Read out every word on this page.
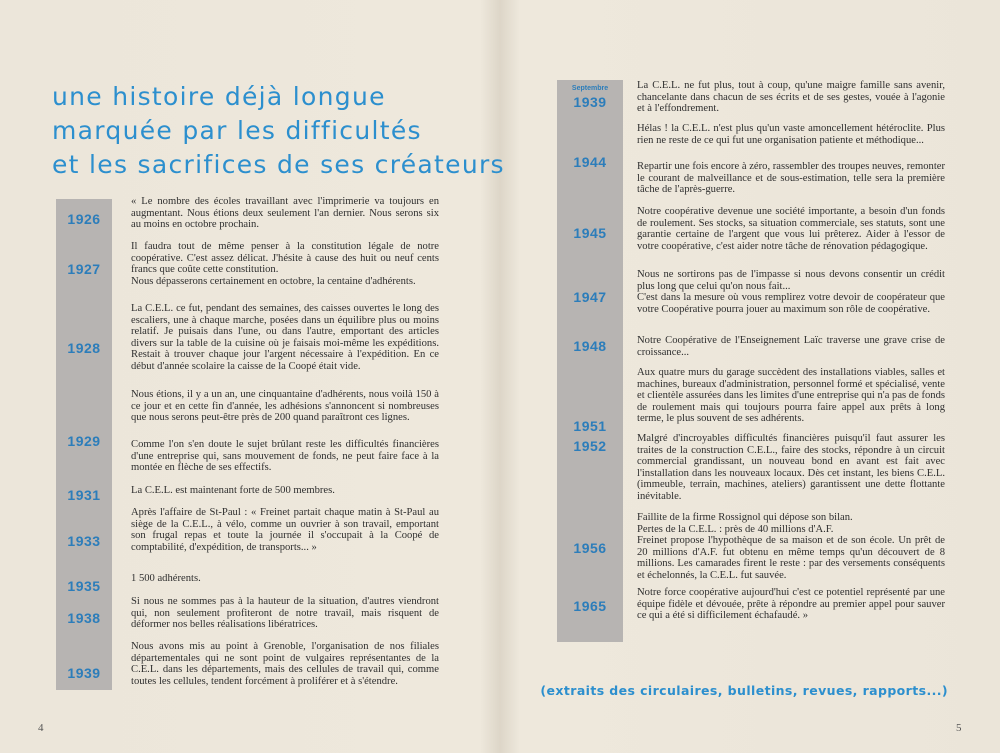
une histoire déjà longue
marquée par les difficultés
et les sacrifices de ses créateurs
1926
1927
1928
1929
1931
1933
1935
1938
1939

« Le nombre des écoles travaillant avec l'imprimerie va toujours en augmentant. Nous étions deux seulement l'an dernier. Nous serons six au moins en octobre prochain.

Il faudra tout de même penser à la constitution légale de notre coopérative. C'est assez délicat. J'hésite à cause des huit ou neuf cents francs que coûte cette constitution.

Nous dépasserons certainement en octobre, la centaine d'adhérents.

La C.E.L. ce fut, pendant des semaines, des caisses ouvertes le long des escaliers, une à chaque marche, posées dans un équilibre plus ou moins relatif. Je puisais dans l'une, ou dans l'autre, emportant des articles divers sur la table de la cuisine où je faisais moi-même les expéditions. Restait à trouver chaque jour l'argent nécessaire à l'expédition. En ce début d'année scolaire la caisse de la Coopé était vide.

Nous étions, il y a un an, une cinquantaine d'adhérents, nous voilà 150 à ce jour et en cette fin d'année, les adhésions s'annoncent si nombreuses que nous serons peut-être près de 200 quand paraîtront ces lignes.

Comme l'on s'en doute le sujet brûlant reste les difficultés financières d'une entreprise qui, sans mouvement de fonds, ne peut faire face à la montée en flèche de ses effectifs.

La C.E.L. est maintenant forte de 500 membres.

Après l'affaire de St-Paul : « Freinet partait chaque matin à St-Paul au siège de la C.E.L., à vélo, comme un ouvrier à son travail, emportant son frugal repas et toute la journée il s'occupait à la Coopé de comptabilité, d'expédition, de transports... »

1 500 adhérents.

Si nous ne sommes pas à la hauteur de la situation, d'autres viendront qui, non seulement profiteront de notre travail, mais risquent de déformer nos belles réalisations libératrices.

Nous avons mis au point à Grenoble, l'organisation de nos filiales départementales qui ne sont point de vulgaires représentantes de la C.E.L. dans les départements, mais des cellules de travail qui, comme toutes les cellules, tendent forcément à proliférer et à s'étendre.

4
Septembre
1939
1944
1945
1947
1948
1951
1952
1956
1965

La C.E.L. ne fut plus, tout à coup, qu'une maigre famille sans avenir, chancelante dans chacun de ses écrits et de ses gestes, vouée à l'agonie et à l'effondrement.

Hélas ! la C.E.L. n'est plus qu'un vaste amoncellement hétéroclite. Plus rien ne reste de ce qui fut une organisation patiente et méthodique...

Repartir une fois encore à zéro, rassembler des troupes neuves, remonter le courant de malveillance et de sous-estimation, telle sera la première tâche de l'après-guerre.

Notre coopérative devenue une société importante, a besoin d'un fonds de roulement. Ses stocks, sa situation commerciale, ses statuts, sont une garantie certaine de l'argent que vous lui prêterez. Aider à l'essor de votre coopérative, c'est aider notre tâche de rénovation pédagogique.

Nous ne sortirons pas de l'impasse si nous devons consentir un crédit plus long que celui qu'on nous fait...

C'est dans la mesure où vous remplirez votre devoir de coopérateur que votre Coopérative pourra jouer au maximum son rôle de coopérative.

Notre Coopérative de l'Enseignement Laïc traverse une grave crise de croissance...

Aux quatre murs du garage succèdent des installations viables, salles et machines, bureaux d'administration, personnel formé et spécialisé, vente et clientèle assurées dans les limites d'une entreprise qui n'a pas de fonds de roulement mais qui toujours pourra faire appel aux prêts à long terme, le plus souvent de ses adhérents.

Malgré d'incroyables difficultés financières puisqu'il faut assurer les traites de la construction C.E.L., faire des stocks, répondre à un circuit commercial grandissant, un nouveau bond en avant est fait avec l'installation dans les nouveaux locaux. Dès cet instant, les biens C.E.L. (immeuble, terrain, machines, ateliers) garantissent une dette flottante inévitable.

Faillite de la firme Rossignol qui dépose son bilan.

Pertes de la C.E.L. : près de 40 millions d'A.F.

Freinet propose l'hypothèque de sa maison et de son école. Un prêt de 20 millions d'A.F. fut obtenu en même temps qu'un découvert de 8 millions. Les camarades firent le reste : par des versements conséquents et échelonnés, la C.E.L. fut sauvée.

Notre force coopérative aujourd'hui c'est ce potentiel représenté par une équipe fidèle et dévouée, prête à répondre au premier appel pour sauver ce qui a été si difficilement échafaudé. »

(extraits des circulaires, bulletins, revues, rapports...)

5
